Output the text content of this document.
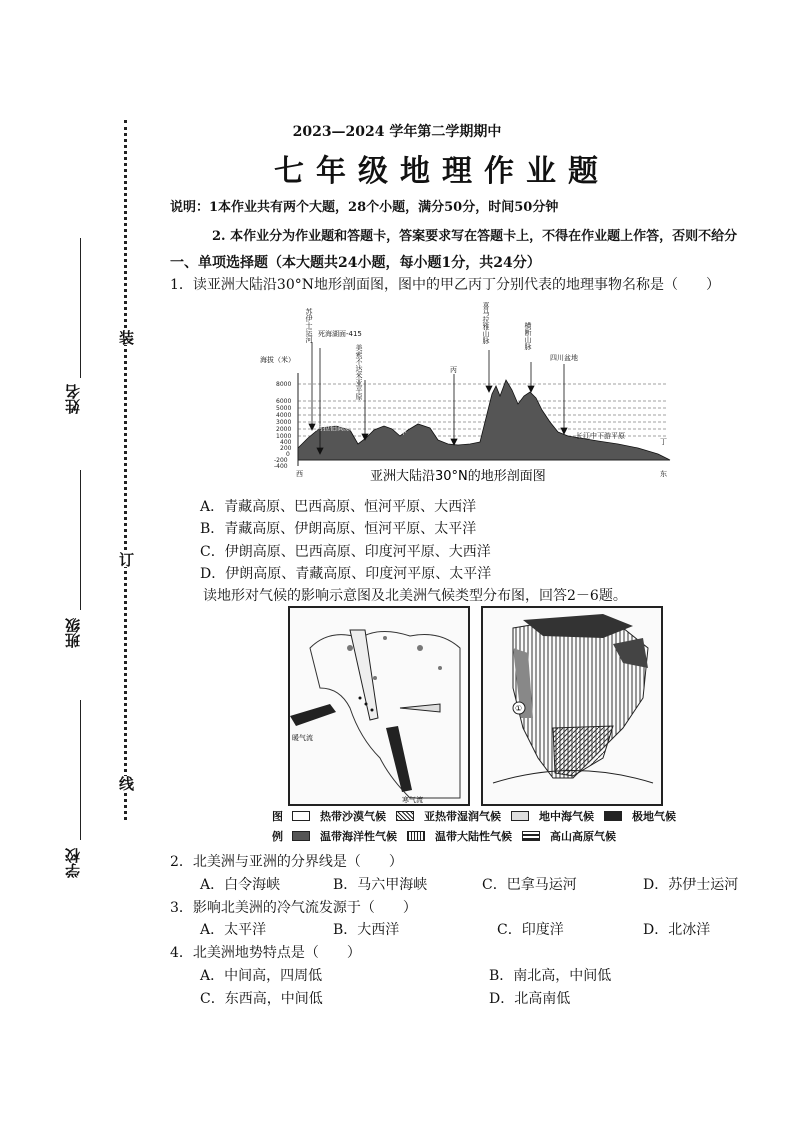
装
订
线
姓名
班级
学校
2023—2024 学年第二学期期中
七年级地理作业题
说明：1本作业共有两个大题，28个小题，满分50分，时间50分钟
2. 本作业分为作业题和答题卡，答案要求写在答题卡上，不得在作业题上作答，否则不给分
一、单项选择题（本大题共24小题，每小题1分，共24分）
1．读亚洲大陆沿30°N地形剖面图，图中的甲乙丙丁分别代表的地理事物名称是（　　）
海拔（米）
8000
6000
5000
4000
3000
2000
1000
400
200
0
-200
-400
苏伊士运河 死海湖面-415
美索不达米亚平原	丙
喜马拉雅山脉	横断山脉
四川盆地
阿拉伯高原	甲	长江中下游平原
丁
西	东
亚洲大陆沿30°N的地形剖面图
A．青藏高原、巴西高原、恒河平原、大西洋
B．青藏高原、伊朗高原、恒河平原、太平洋
C．伊朗高原、巴西高原、印度河平原、大西洋
D．伊朗高原、青藏高原、印度河平原、太平洋
读地形对气候的影响示意图及北美洲气候类型分布图，回答2－6题。
暖气流
寒气流
①
图
例
热带沙漠气候	亚热带湿润气候	地中海气候	极地气候
温带海洋性气候	温带大陆性气候	高山高原气候
2．北美洲与亚洲的分界线是（　　）
A．白令海峡	B．马六甲海峡	C．巴拿马运河	D．苏伊士运河
3．影响北美洲的冷气流发源于（　　）
A．太平洋	B．大西洋	C．印度洋	D．北冰洋
4．北美洲地势特点是（　　）
A．中间高，四周低	B．南北高，中间低
C．东西高，中间低	D．北高南低
